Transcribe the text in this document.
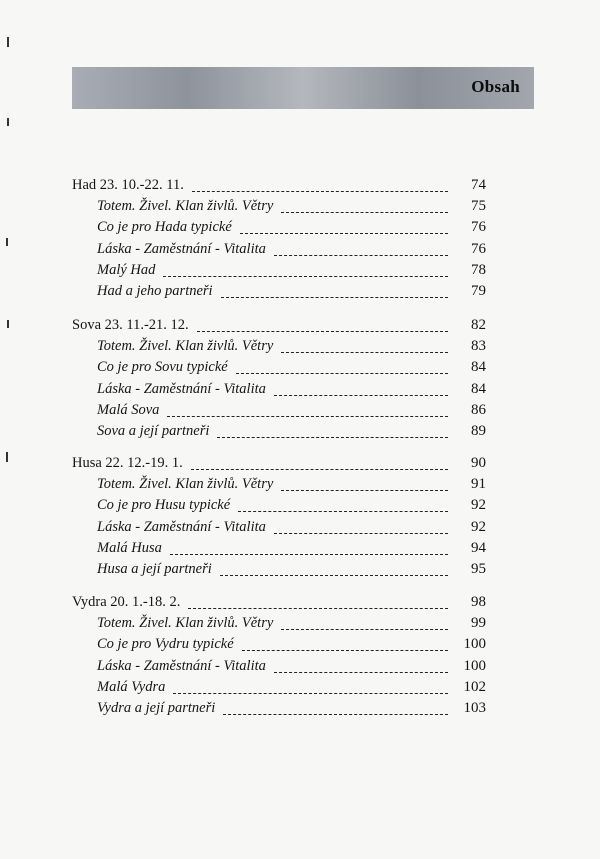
Obsah
Had 23. 10.-22. 11.	74
Totem. Živel. Klan živlů. Větry	75
Co je pro Hada typické	76
Láska - Zaměstnání - Vitalita	76
Malý Had	78
Had a jeho partneři	79
Sova 23. 11.-21. 12.	82
Totem. Živel. Klan živlů. Větry	83
Co je pro Sovu typické	84
Láska - Zaměstnání - Vitalita	84
Malá Sova	86
Sova a její partneři	89
Husa 22. 12.-19. 1.	90
Totem. Živel. Klan živlů. Větry	91
Co je pro Husu typické	92
Láska - Zaměstnání - Vitalita	92
Malá Husa	94
Husa a její partneři	95
Vydra 20. 1.-18. 2.	98
Totem. Živel. Klan živlů. Větry	99
Co je pro Vydru typické	100
Láska - Zaměstnání - Vitalita	100
Malá Vydra	102
Vydra a její partneři	103
